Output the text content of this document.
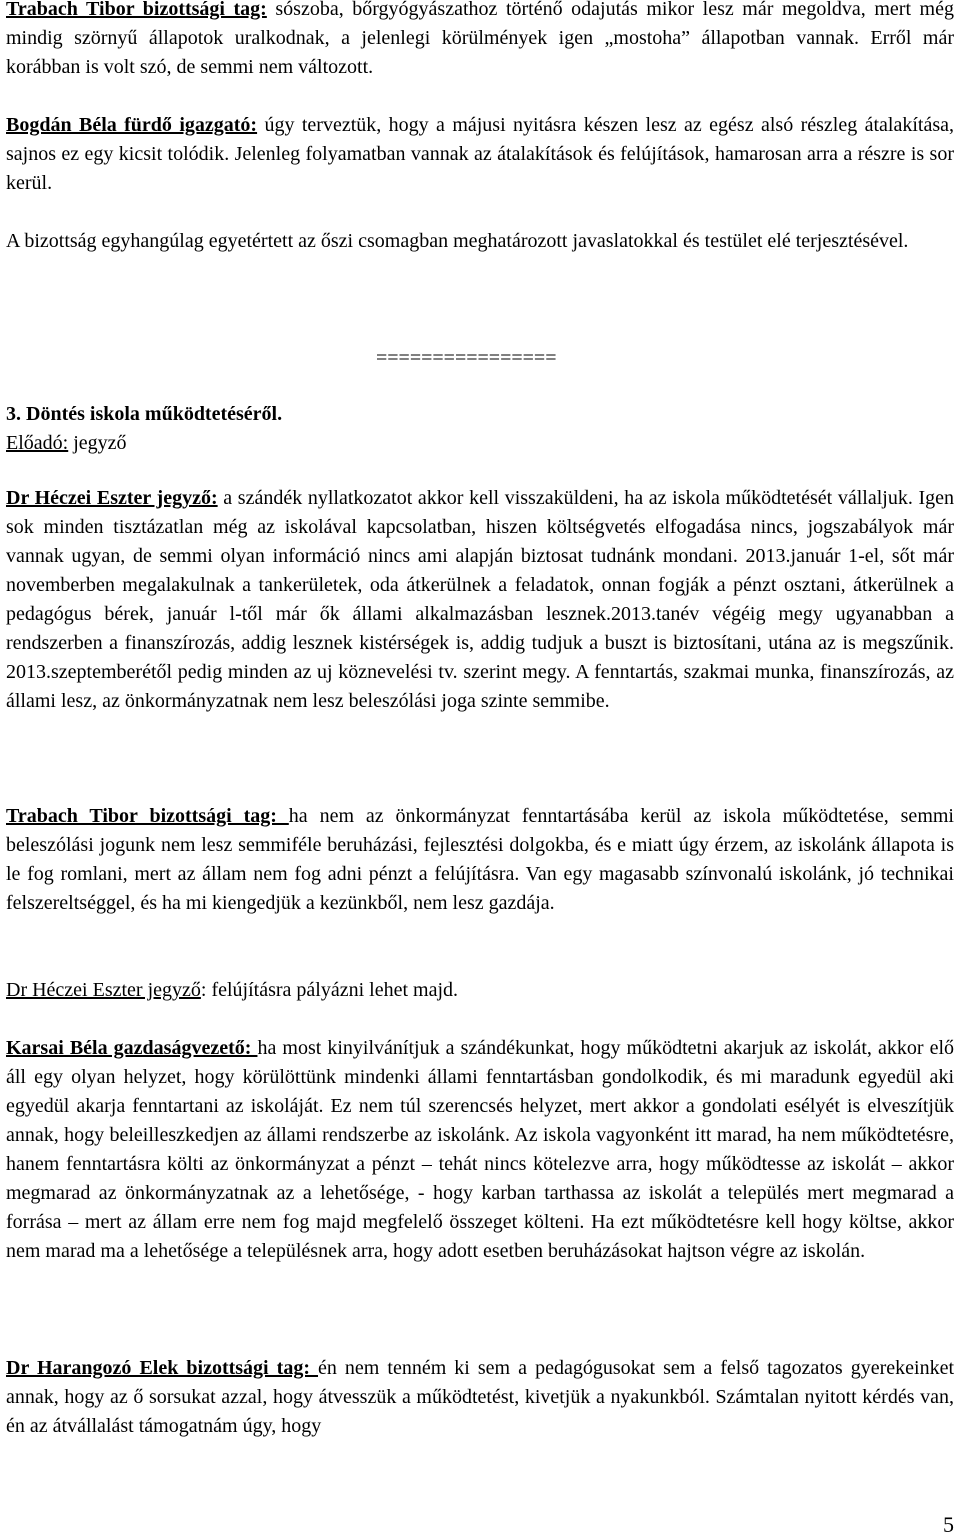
Trabach Tibor bizottsági tag: sószoba, bőrgyógyászathoz történő odajutás mikor lesz már megoldva, mert még mindig szörnyű állapotok uralkodnak, a jelenlegi körülmények igen „mostoha” állapotban vannak. Erről már korábban is volt szó, de semmi nem változott.

Bogdán Béla fürdő igazgató: úgy terveztük, hogy a májusi nyitásra készen lesz az egész alsó részleg átalakítása, sajnos ez egy kicsit tolódik. Jelenleg folyamatban vannak az átalakítások és felújítások, hamarosan arra a részre is sor kerül.

A bizottság egyhangúlag egyetértett az őszi csomagban meghatározott javaslatokkal és testület elé terjesztésével.

================

3. Döntés iskola működtetéséről.

Előadó: jegyző

Dr Héczei Eszter jegyző: a szándék nyllatkozatot akkor kell visszaküldeni, ha az iskola működtetését vállaljuk. Igen sok minden tisztázatlan még az iskolával kapcsolatban, hiszen költségvetés elfogadása nincs, jogszabályok már vannak ugyan, de semmi olyan információ nincs ami alapján biztosat tudnánk mondani. 2013.január 1-el, sőt már novemberben megalakulnak a tankerületek, oda átkerülnek a feladatok, onnan fogják a pénzt osztani, átkerülnek a pedagógus bérek, január l-től már ők állami alkalmazásban lesznek.2013.tanév végéig megy ugyanabban a rendszerben a finanszírozás, addig lesznek kistérségek is, addig tudjuk a buszt is biztosítani, utána az is megszűnik. 2013.szeptemberétől pedig minden az uj köznevelési tv. szerint megy. A fenntartás, szakmai munka, finanszírozás, az állami lesz, az önkormányzatnak nem lesz beleszólási joga szinte semmibe.

Trabach Tibor bizottsági tag: ha nem az önkormányzat fenntartásába kerül az iskola működtetése, semmi beleszólási jogunk nem lesz semmiféle beruházási, fejlesztési dolgokba, és e miatt úgy érzem, az iskolánk állapota is le fog romlani, mert az állam nem fog adni pénzt a felújításra. Van egy magasabb színvonalú iskolánk, jó technikai felszereltséggel, és ha mi kiengedjük a kezünkből, nem lesz gazdája.

Dr Héczei Eszter jegyző: felújításra pályázni lehet majd.

Karsai Béla gazdaságvezető: ha most kinyilvánítjuk a szándékunkat, hogy működtetni akarjuk az iskolát, akkor elő áll egy olyan helyzet, hogy körülöttünk mindenki állami fenntartásban gondolkodik, és mi maradunk egyedül aki egyedül akarja fenntartani az iskoláját. Ez nem túl szerencsés helyzet, mert akkor a gondolati esélyét is elveszítjük annak, hogy beleilleszkedjen az állami rendszerbe az iskolánk. Az iskola vagyonként itt marad, ha nem működtetésre, hanem fenntartásra költi az önkormányzat a pénzt – tehát nincs kötelezve arra, hogy működtesse az iskolát – akkor megmarad az önkormányzatnak az a lehetősége, - hogy karban tarthassa az iskolát a település mert megmarad a forrása – mert az állam erre nem fog majd megfelelő összeget költeni. Ha ezt működtetésre kell hogy költse, akkor nem marad ma a lehetősége a településnek arra, hogy adott esetben beruházásokat hajtson végre az iskolán.

Dr Harangozó Elek bizottsági tag: én nem tenném ki sem a pedagógusokat sem a felső tagozatos gyerekeinket annak, hogy az ő sorsukat azzal, hogy átvesszük a működtetést, kivetjük a nyakunkból. Számtalan nyitott kérdés van, én az átvállalást támogatnám úgy, hogy

5
